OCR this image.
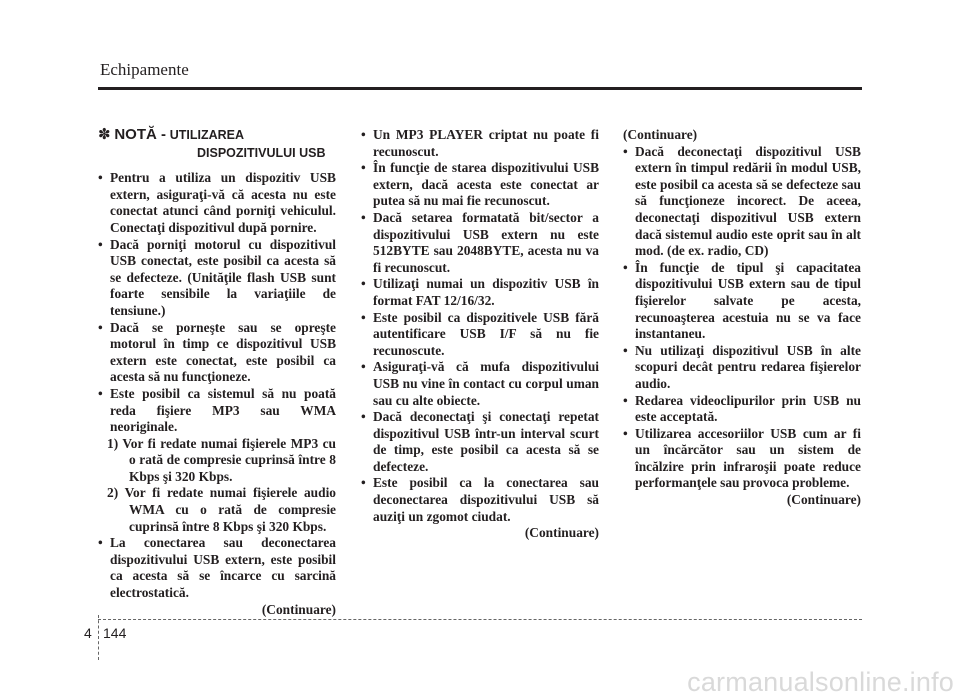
Echipamente
✽ NOTĂ - UTILIZAREA
DISPOZITIVULUI USB

• Pentru a utiliza un dispozitiv USB extern, asiguraţi-vă că acesta nu este conectat atunci când porniţi vehiculul. Conectaţi dispozitivul după pornire.

• Dacă porniţi motorul cu dispozitivul USB conectat, este posibil ca acesta să se defecteze. (Unităţile flash USB sunt foarte sensibile la variaţiile de tensiune.)

• Dacă se porneşte sau se opreşte motorul în timp ce dispozitivul USB extern este conectat, este posibil ca acesta să nu funcţioneze.

• Este posibil ca sistemul să nu poată reda fişiere MP3 sau WMA neoriginale.

1) Vor fi redate numai fişierele MP3 cu o rată de compresie cuprinsă între 8 Kbps şi 320 Kbps.

2) Vor fi redate numai fişierele audio WMA cu o rată de compresie cuprinsă între 8 Kbps şi 320 Kbps.

• La conectarea sau deconectarea dispozitivului USB extern, este posibil ca acesta să se încarce cu sarcină electrostatică.

(Continuare)

• Un MP3 PLAYER criptat nu poate fi recunoscut.

• În funcţie de starea dispozitivului USB extern, dacă acesta este conectat ar putea să nu mai fie recunoscut.

• Dacă setarea formatată bit/sector a dispozitivului USB extern nu este 512BYTE sau 2048BYTE, acesta nu va fi recunoscut.

• Utilizaţi numai un dispozitiv USB în format FAT 12/16/32.

• Este posibil ca dispozitivele USB fără autentificare USB I/F să nu fie recunoscute.

• Asiguraţi-vă că mufa dispozitivului USB nu vine în contact cu corpul uman sau cu alte obiecte.

• Dacă deconectaţi şi conectaţi repetat dispozitivul USB într-un interval scurt de timp, este posibil ca acesta să se defecteze.

• Este posibil ca la conectarea sau deconectarea dispozitivului USB să auziţi un zgomot ciudat.

(Continuare)

(Continuare)

• Dacă deconectaţi dispozitivul USB extern în timpul redării în modul USB, este posibil ca acesta să se defecteze sau să funcţioneze incorect. De aceea, deconectaţi dispozitivul USB extern dacă sistemul audio este oprit sau în alt mod. (de ex. radio, CD)

• În funcţie de tipul şi capacitatea dispozitivului USB extern sau de tipul fişierelor salvate pe acesta, recunoaşterea acestuia nu se va face instantaneu.

• Nu utilizaţi dispozitivul USB în alte scopuri decât pentru redarea fişierelor audio.

• Redarea videoclipurilor prin USB nu este acceptată.

• Utilizarea accesoriilor USB cum ar fi un încărcător sau un sistem de încălzire prin infraroşii poate reduce performanţele sau provoca probleme.

(Continuare)

4 144
carmanualsonline.info
